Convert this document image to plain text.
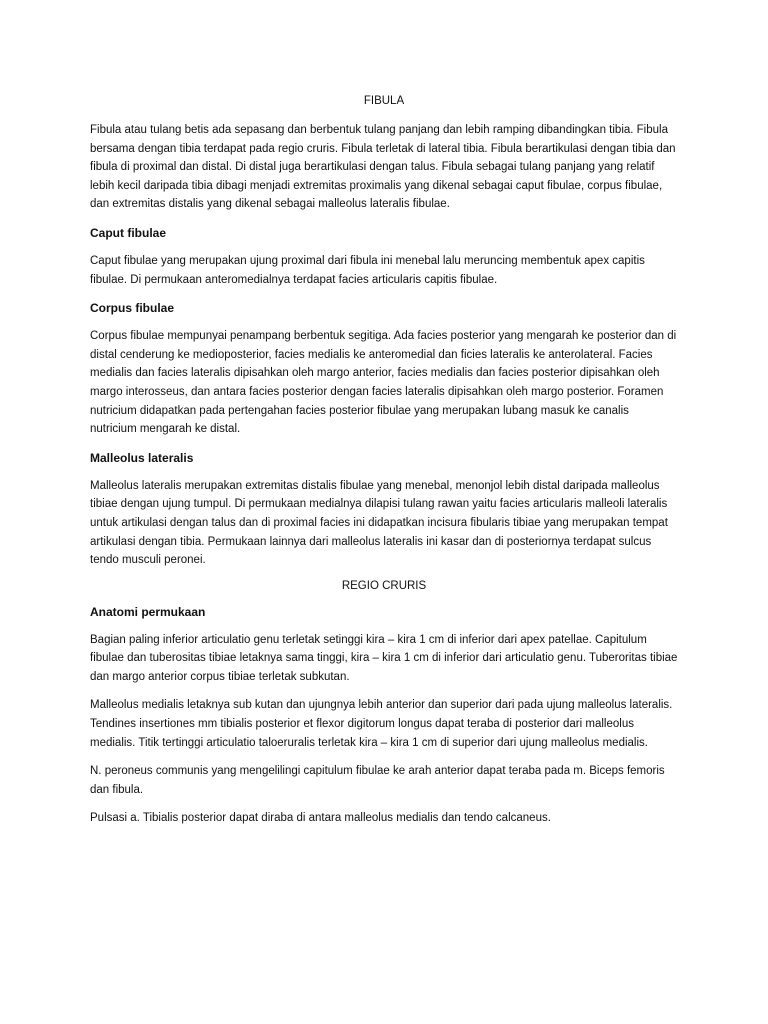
FIBULA

Fibula atau tulang betis ada sepasang dan berbentuk tulang panjang dan lebih ramping dibandingkan tibia. Fibula bersama dengan tibia terdapat pada regio cruris. Fibula terletak di lateral tibia. Fibula berartikulasi dengan tibia dan fibula di proximal dan distal. Di distal juga berartikulasi dengan talus. Fibula sebagai tulang panjang yang relatif lebih kecil daripada tibia dibagi menjadi extremitas proximalis yang dikenal sebagai caput fibulae, corpus fibulae, dan extremitas distalis yang dikenal sebagai malleolus lateralis fibulae.

Caput fibulae

Caput fibulae yang merupakan ujung proximal dari fibula ini menebal lalu meruncing membentuk apex capitis fibulae. Di permukaan anteromedialnya terdapat facies articularis capitis fibulae.

Corpus fibulae

Corpus fibulae mempunyai penampang berbentuk segitiga. Ada facies posterior yang mengarah ke posterior dan di distal cenderung ke medioposterior, facies medialis ke anteromedial dan ficies lateralis ke anterolateral. Facies medialis dan facies lateralis dipisahkan oleh margo anterior, facies medialis dan facies posterior dipisahkan oleh margo interosseus, dan antara facies posterior dengan facies lateralis dipisahkan oleh margo posterior. Foramen nutricium didapatkan pada pertengahan facies posterior fibulae yang merupakan lubang masuk ke canalis nutricium mengarah ke distal.

Malleolus lateralis

Malleolus lateralis merupakan extremitas distalis fibulae yang menebal, menonjol lebih distal daripada malleolus tibiae dengan ujung tumpul. Di permukaan medialnya dilapisi tulang rawan yaitu facies articularis malleoli lateralis untuk artikulasi dengan talus dan di proximal facies ini didapatkan incisura fibularis tibiae yang merupakan tempat artikulasi dengan tibia. Permukaan lainnya dari malleolus lateralis ini kasar dan di posteriornya terdapat sulcus tendo musculi peronei.

REGIO CRURIS
Anatomi permukaan

Bagian paling inferior articulatio genu terletak setinggi kira – kira 1 cm di inferior dari apex patellae. Capitulum fibulae dan tuberositas tibiae letaknya sama tinggi, kira – kira 1 cm di inferior dari articulatio genu. Tuberoritas tibiae dan margo anterior corpus tibiae terletak subkutan.

Malleolus medialis letaknya sub kutan dan ujungnya lebih anterior dan superior dari pada ujung malleolus lateralis. Tendines insertiones mm tibialis posterior et flexor digitorum longus dapat teraba di posterior dari malleolus medialis. Titik tertinggi articulatio taloeruralis terletak kira – kira 1 cm di superior dari ujung malleolus medialis.

N. peroneus communis yang mengelilingi capitulum fibulae ke arah anterior dapat teraba pada m. Biceps femoris dan fibula.

Pulsasi a. Tibialis posterior dapat diraba di antara malleolus medialis dan tendo calcaneus.
